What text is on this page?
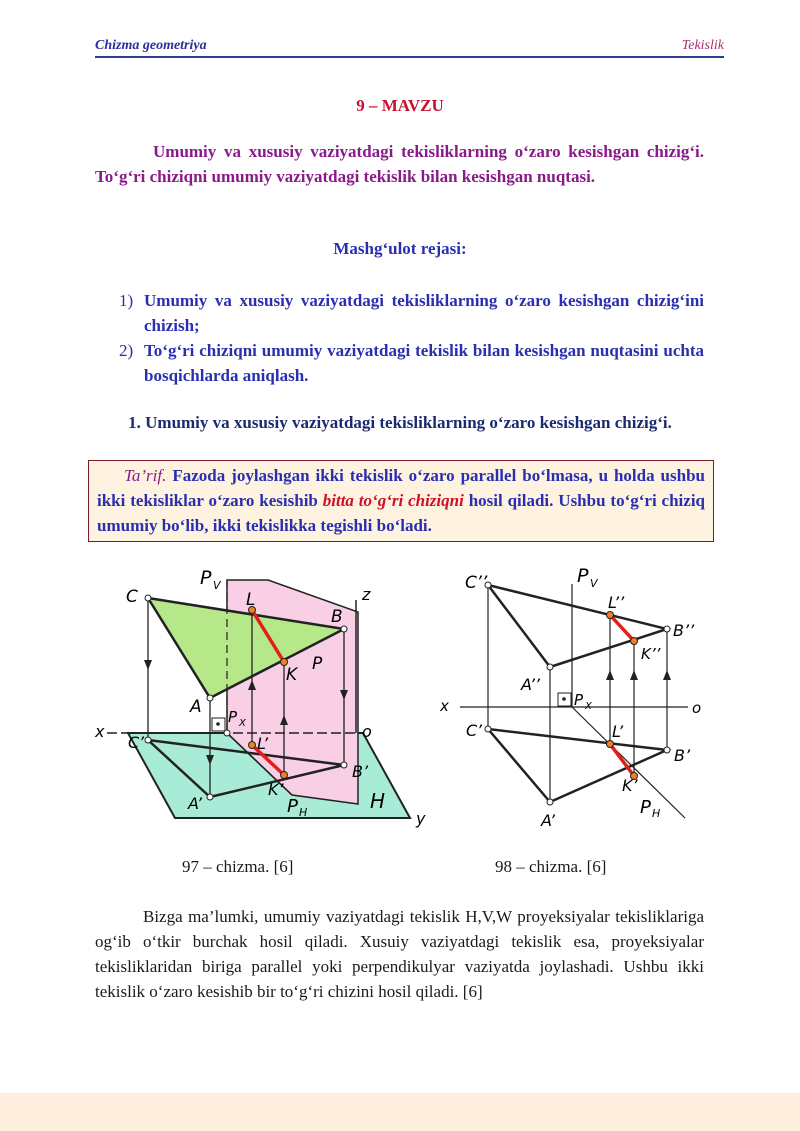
Chizma geometriya	Tekislik
9 – MAVZU
Umumiy va xususiy vaziyatdagi tekisliklarning o‘zaro kesishgan chizig‘i. To‘g‘ri chiziqni umumiy vaziyatdagi tekislik bilan kesishgan nuqtasi.
Mashg‘ulot rejasi:
1) Umumiy va xususiy vaziyatdagi tekisliklarning o‘zaro kesishgan chizig‘ini chizish;
2) To‘g‘ri chiziqni umumiy vaziyatdagi tekislik bilan kesishgan nuqtasini uchta bosqichlarda aniqlash.
1. Umumiy va xususiy vaziyatdagi tekisliklarning o‘zaro kesishgan chizig‘i.
Ta’rif. Fazoda joylashgan ikki tekislik o‘zaro parallel bo‘lmasa, u holda ushbu ikki tekisliklar o‘zaro kesishib bitta to‘g‘ri chiziqni hosil qiladi. Ushbu to‘g‘ri chiziq umumiy bo‘lib, ikki tekislikka tegishli bo‘ladi.
P V
C	L
B
z
K
P
A P X
x	o
C’	L’
B’
K’
A’	P H	H
y
97 – chizma. [6]
C’’	P V
L’’
B’’
K’’
A’’
x	P X	o
C’	L’
B’
K’
A’
P H
98 – chizma. [6]
Bizga ma’lumki, umumiy vaziyatdagi tekislik H,V,W proyeksiyalar tekisliklariga og‘ib o‘tkir burchak hosil qiladi. Xusuiy vaziyatdagi tekislik esa, proyeksiyalar tekisliklaridan biriga parallel yoki perpendikulyar vaziyatda joylashadi. Ushbu ikki tekislik o‘zaro kesishib bir to‘g‘ri chizini hosil qiladi. [6]
